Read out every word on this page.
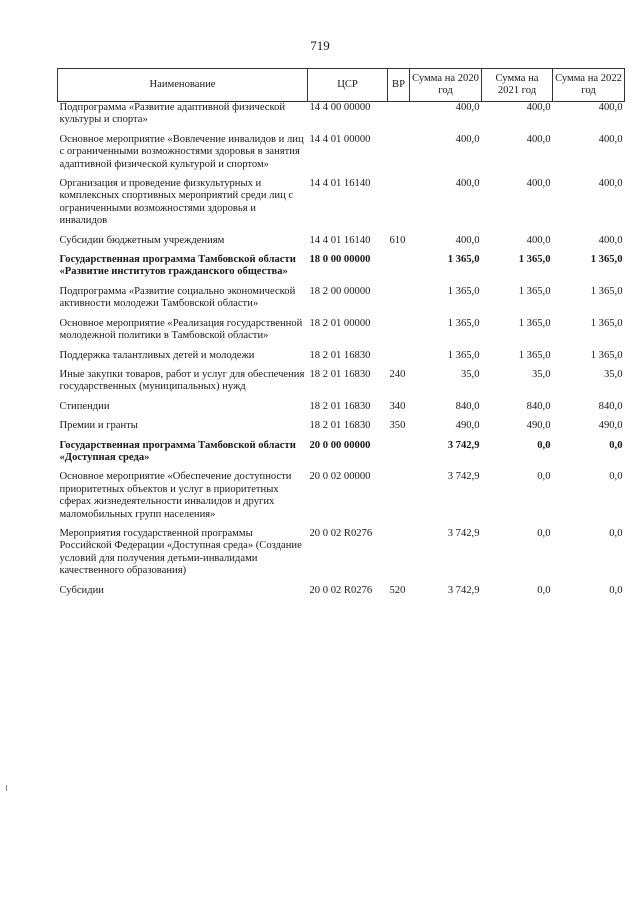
719
Наименование	ЦСР	ВР	Сумма на 2020 год	Сумма на 2021 год	Сумма на 2022 год
Подпрограмма «Развитие адаптивной физической культуры и спорта»	14 4 00 00000		400,0	400,0	400,0
Основное мероприятие «Вовлечение инвалидов и лиц с ограниченными возможностями здоровья в занятия адаптивной физической культурой и спортом»	14 4 01 00000		400,0	400,0	400,0
Организация и проведение физкультурных и комплексных спортивных мероприятий среди лиц с ограниченными возможностями здоровья и инвалидов	14 4 01 16140		400,0	400,0	400,0
Субсидии бюджетным учреждениям	14 4 01 16140	610	400,0	400,0	400,0
Государственная программа Тамбовской области «Развитие институтов гражданского общества»	18 0 00 00000		1 365,0	1 365,0	1 365,0
Подпрограмма «Развитие социально экономической активности молодежи Тамбовской области»	18 2 00 00000		1 365,0	1 365,0	1 365,0
Основное мероприятие «Реализация государственной молодежной политики в Тамбовской области»	18 2 01 00000		1 365,0	1 365,0	1 365,0
Поддержка талантливых детей и молодежи	18 2 01 16830		1 365,0	1 365,0	1 365,0
Иные закупки товаров, работ и услуг для обеспечения государственных (муниципальных) нужд	18 2 01 16830	240	35,0	35,0	35,0
Стипендии	18 2 01 16830	340	840,0	840,0	840,0
Премии и гранты	18 2 01 16830	350	490,0	490,0	490,0
Государственная программа Тамбовской области «Доступная среда»	20 0 00 00000		3 742,9	0,0	0,0
Основное мероприятие «Обеспечение доступности приоритетных объектов и услуг в приоритетных сферах жизнедеятельности инвалидов и других маломобильных групп населения»	20 0 02 00000		3 742,9	0,0	0,0
Мероприятия государственной программы Российской Федерации «Доступная среда» (Создание условий для получения детьми-инвалидами качественного образования)	20 0 02 R0276		3 742,9	0,0	0,0
Субсидии	20 0 02 R0276	520	3 742,9	0,0	0,0
